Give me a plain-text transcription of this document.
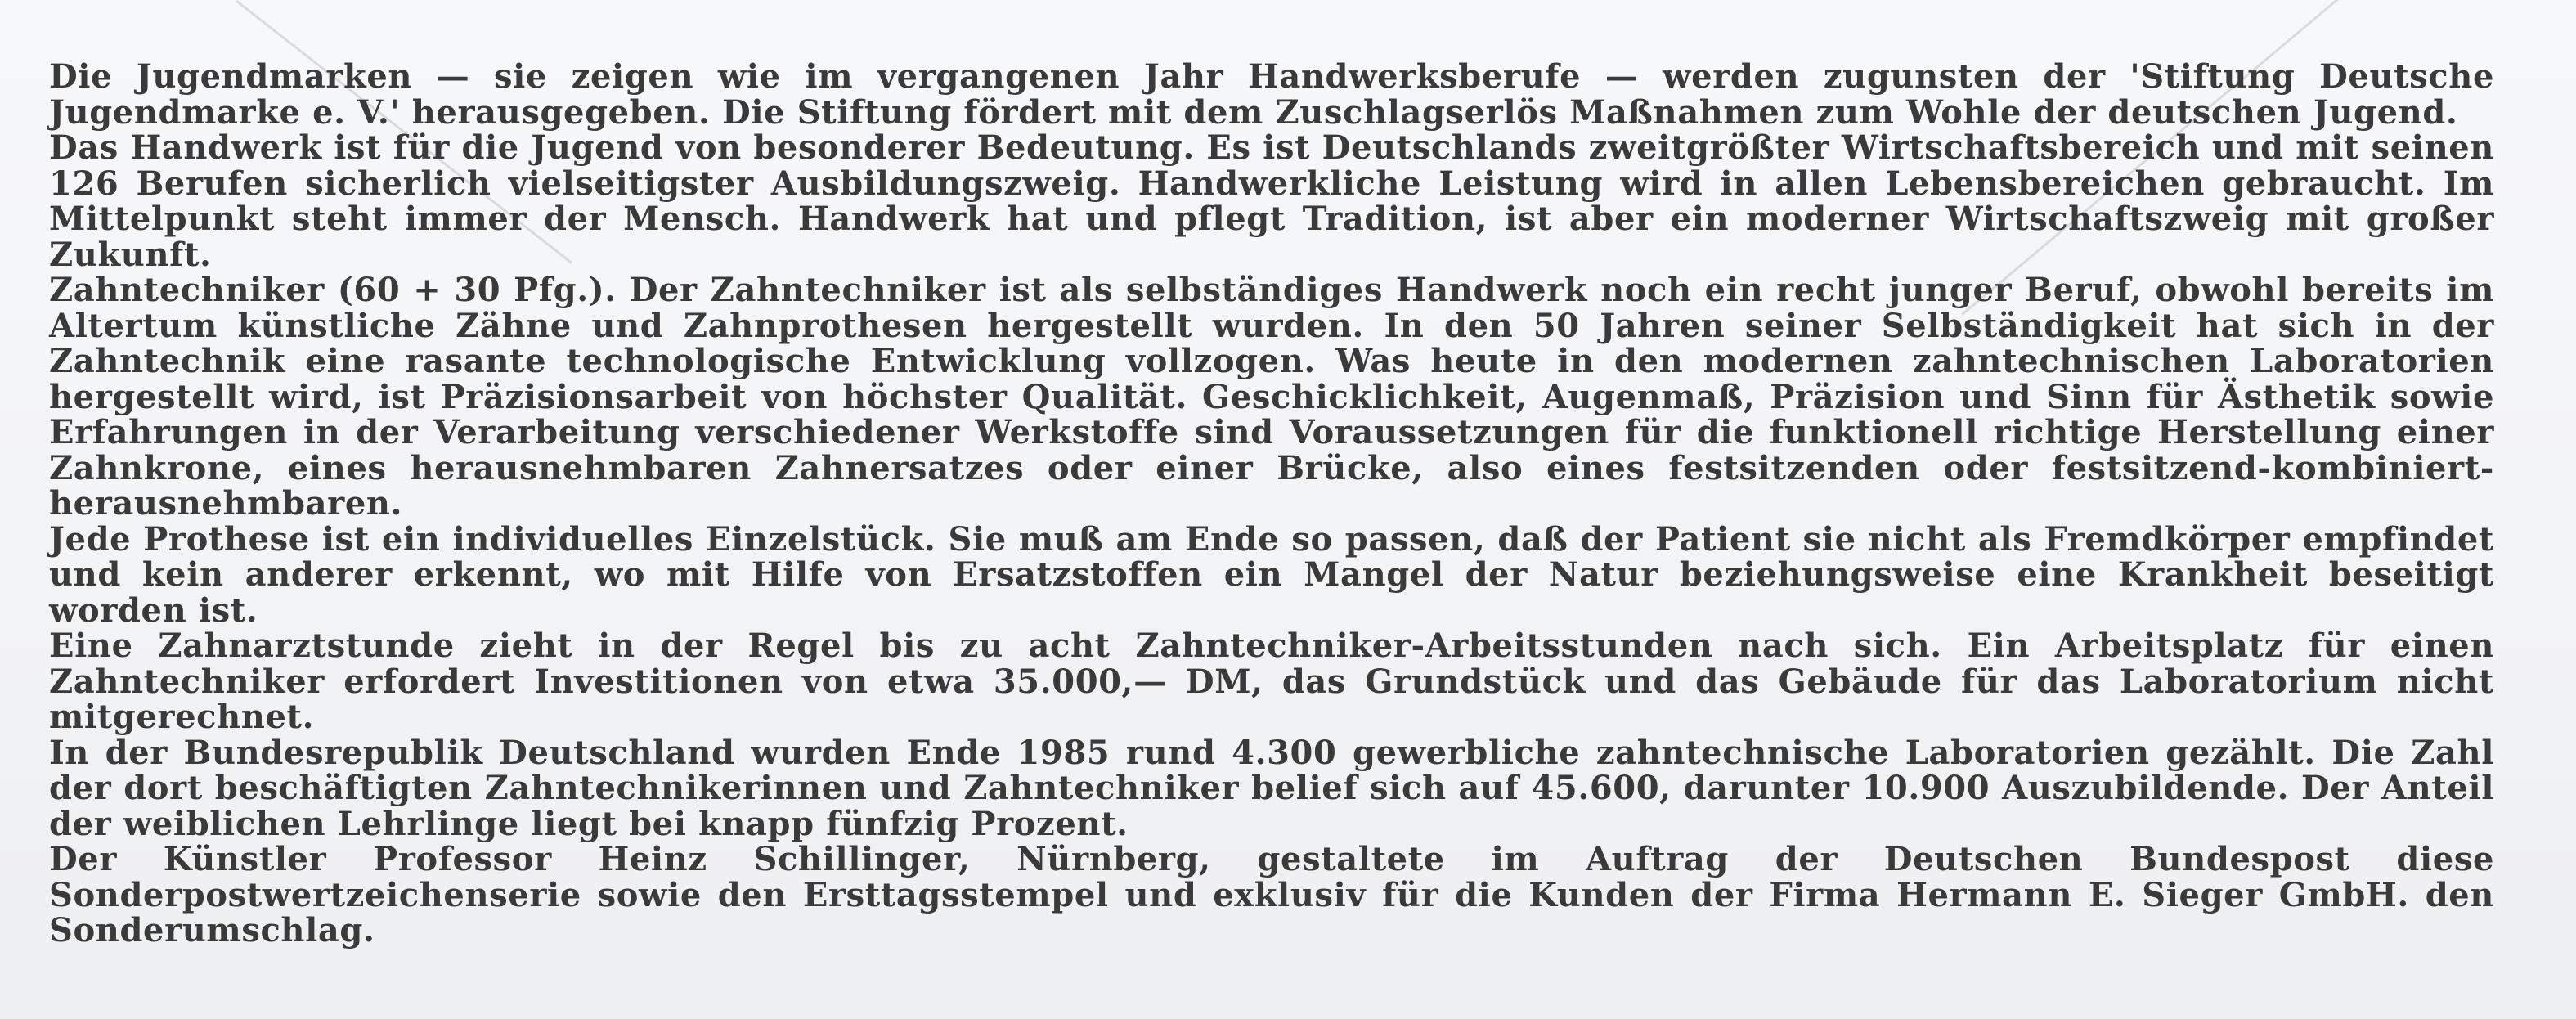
Die Jugendmarken — sie zeigen wie im vergangenen Jahr Handwerksberufe — werden zugunsten der 'Stiftung Deutsche Jugendmarke e. V.' herausgegeben. Die Stiftung fördert mit dem Zuschlagserlös Maßnahmen zum Wohle der deutschen Jugend.

Das Handwerk ist für die Jugend von besonderer Bedeutung. Es ist Deutschlands zweitgrößter Wirtschaftsbereich und mit seinen 126 Berufen sicherlich vielseitigster Ausbildungszweig. Handwerkliche Leistung wird in allen Lebensbereichen gebraucht. Im Mittelpunkt steht immer der Mensch. Handwerk hat und pflegt Tradition, ist aber ein moderner Wirtschaftszweig mit großer Zukunft.

Zahntechniker (60 + 30 Pfg.). Der Zahntechniker ist als selbständiges Handwerk noch ein recht junger Beruf, obwohl bereits im Altertum künstliche Zähne und Zahnprothesen hergestellt wurden. In den 50 Jahren seiner Selbständigkeit hat sich in der Zahntechnik eine rasante technologische Entwicklung vollzogen. Was heute in den modernen zahntechnischen Laboratorien hergestellt wird, ist Präzisionsarbeit von höchster Qualität. Geschicklichkeit, Augenmaß, Präzision und Sinn für Ästhetik sowie Erfahrungen in der Verarbeitung verschiedener Werkstoffe sind Voraussetzungen für die funktionell richtige Herstellung einer Zahnkrone, eines herausnehmbaren Zahnersatzes oder einer Brücke, also eines festsitzenden oder festsitzend-kombiniert-herausnehmbaren.

Jede Prothese ist ein individuelles Einzelstück. Sie muß am Ende so passen, daß der Patient sie nicht als Fremdkörper empfindet und kein anderer erkennt, wo mit Hilfe von Ersatzstoffen ein Mangel der Natur beziehungsweise eine Krankheit beseitigt worden ist.

Eine Zahnarztstunde zieht in der Regel bis zu acht Zahntechniker-Arbeitsstunden nach sich. Ein Arbeitsplatz für einen Zahntechniker erfordert Investitionen von etwa 35.000,— DM, das Grundstück und das Gebäude für das Laboratorium nicht mitgerechnet.

In der Bundesrepublik Deutschland wurden Ende 1985 rund 4.300 gewerbliche zahntechnische Laboratorien gezählt. Die Zahl der dort beschäftigten Zahntechnikerinnen und Zahntechniker belief sich auf 45.600, darunter 10.900 Auszubildende. Der Anteil der weiblichen Lehrlinge liegt bei knapp fünfzig Prozent.

Der Künstler Professor Heinz Schillinger, Nürnberg, gestaltete im Auftrag der Deutschen Bundespost diese Sonderpostwertzeichenserie sowie den Ersttagsstempel und exklusiv für die Kunden der Firma Hermann E. Sieger GmbH. den Sonderumschlag.
